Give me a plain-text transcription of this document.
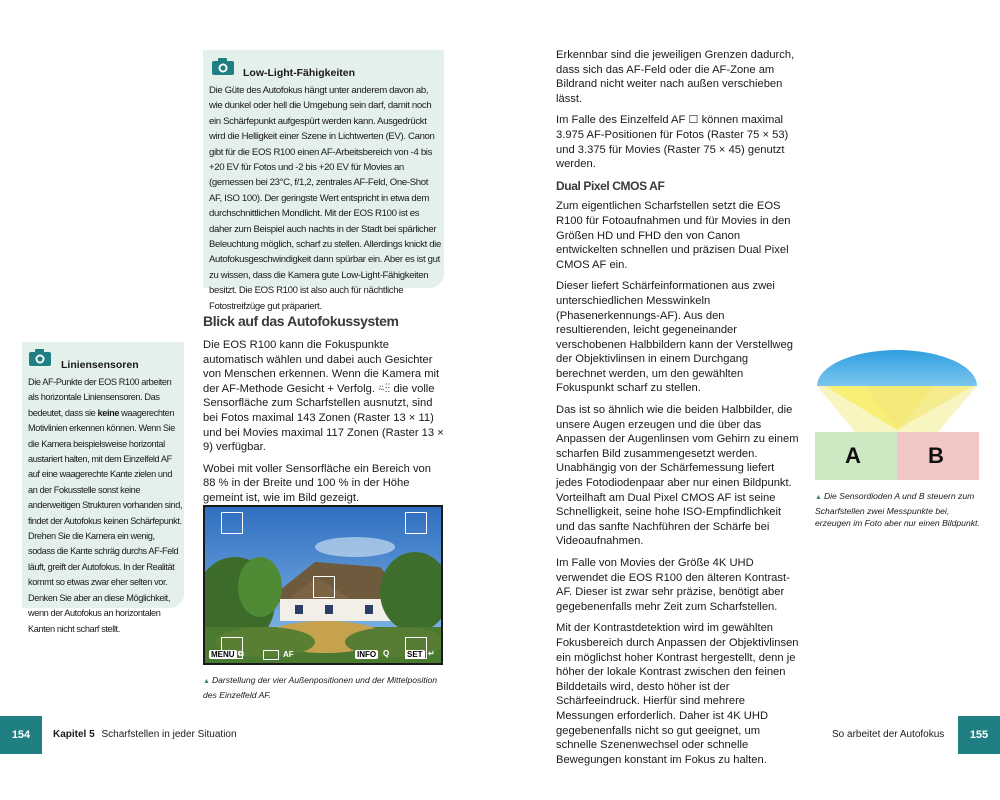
Low-Light-Fähigkeiten

Die Güte des Autofokus hängt unter anderem davon ab, wie dunkel oder hell die Umgebung sein darf, damit noch ein Schärfepunkt aufgespürt werden kann. Ausgedrückt wird die Helligkeit einer Szene in Lichtwerten (EV). Canon gibt für die EOS R100 einen AF-Arbeitsbereich von -4 bis +20 EV für Fotos und -2 bis +20 EV für Movies an (gemessen bei 23°C, f/1,2, zentrales AF-Feld, One-Shot AF, ISO 100). Der geringste Wert entspricht in etwa dem durchschnittlichen Mondlicht. Mit der EOS R100 ist es daher zum Beispiel auch nachts in der Stadt bei spärlicher Beleuchtung möglich, scharf zu stellen. Allerdings knickt die Autofokusgeschwindigkeit dann spürbar ein. Aber es ist gut zu wissen, dass die Kamera gute Low-Light-Fähigkeiten besitzt. Die EOS R100 ist also auch für nächtliche Fotostreifzüge gut präpariert.

Liniensensoren

Die AF-Punkte der EOS R100 arbeiten als horizontale Liniensensoren. Das bedeutet, dass sie keine waagerechten Motivlinien erkennen können. Wenn Sie die Kamera beispielsweise horizontal austariert halten, mit dem Einzelfeld AF auf eine waagerechte Kante zielen und an der Fokusstelle sonst keine anderweitigen Strukturen vorhanden sind, findet der Autofokus keinen Schärfepunkt. Drehen Sie die Kamera ein wenig, sodass die Kante schräg durchs AF-Feld läuft, greift der Autofokus. In der Realität kommt so etwas zwar eher selten vor. Denken Sie aber an diese Möglichkeit, wenn der Autofokus an horizontalen Kanten nicht scharf stellt.

Blick auf das Autofokussystem

Die EOS R100 kann die Fokuspunkte automatisch wählen und dabei auch Gesichter von Menschen erkennen. Wenn die Kamera mit der AF-Methode Gesicht + Verfolg. ⍨⁝⁝ die volle Sensorfläche zum Scharfstellen ausnutzt, sind bei Fotos maximal 143 Zonen (Raster 13 × 11) und bei Movies maximal 117 Zonen (Raster 13 × 9) verfügbar.

Wobei mit voller Sensorfläche ein Bereich von 88 % in der Breite und 100 % in der Höhe gemeint ist, wie im Bild gezeigt.

MENU ⧉	AF	INFO Q SET ↵
▲ Darstellung der vier Außenpositionen und der Mittelposition des Einzelfeld AF.
154	Kapitel 5 Scharfstellen in jeder Situation

Erkennbar sind die jeweiligen Grenzen dadurch, dass sich das AF-Feld oder die AF-Zone am Bildrand nicht weiter nach außen verschieben lässt.

Im Falle des Einzelfeld AF ☐ können maximal 3.975 AF-Positionen für Fotos (Raster 75 × 53) und 3.375 für Movies (Raster 75 × 45) genutzt werden.

Dual Pixel CMOS AF

Zum eigentlichen Scharfstellen setzt die EOS R100 für Fotoaufnahmen und für Movies in den Größen HD und FHD den von Canon entwickelten schnellen und präzisen Dual Pixel CMOS AF ein.

Dieser liefert Schärfeinformationen aus zwei unterschiedlichen Messwinkeln (Phasenerkennungs-AF). Aus den resultierenden, leicht gegeneinander verschobenen Halbbildern kann der Verstellweg der Objektivlinsen in einem Durchgang berechnet werden, um den gewählten Fokuspunkt scharf zu stellen.

Das ist so ähnlich wie die beiden Halbbilder, die unsere Augen erzeugen und die über das Anpassen der Augenlinsen vom Gehirn zu einem scharfen Bild zusammengesetzt werden. Unabhängig von der Schärfemessung liefert jedes Fotodiodenpaar aber nur einen Bildpunkt. Vorteilhaft am Dual Pixel CMOS AF ist seine Schnelligkeit, seine hohe ISO-Empfindlichkeit und das sanfte Nachführen der Schärfe bei Videoaufnahmen.

Im Falle von Movies der Größe 4K UHD verwendet die EOS R100 den älteren Kontrast-AF. Dieser ist zwar sehr präzise, benötigt aber gegebenenfalls mehr Zeit zum Scharfstellen.

Mit der Kontrastdetektion wird im gewählten Fokusbereich durch Anpassen der Objektivlinsen ein möglichst hoher Kontrast hergestellt, denn je höher der lokale Kontrast zwischen den feinen Bilddetails wird, desto höher ist der Schärfeeindruck. Hierfür sind mehrere Messungen erforderlich. Daher ist 4K UHD gegebenenfalls nicht so gut geeignet, um schnelle Szenenwechsel oder schnelle Bewegungen konstant im Fokus zu halten.

A	B
▲ Die Sensordioden A und B steuern zum Scharfstellen zwei Messpunkte bei, erzeugen im Foto aber nur einen Bildpunkt.
So arbeitet der Autofokus	155
